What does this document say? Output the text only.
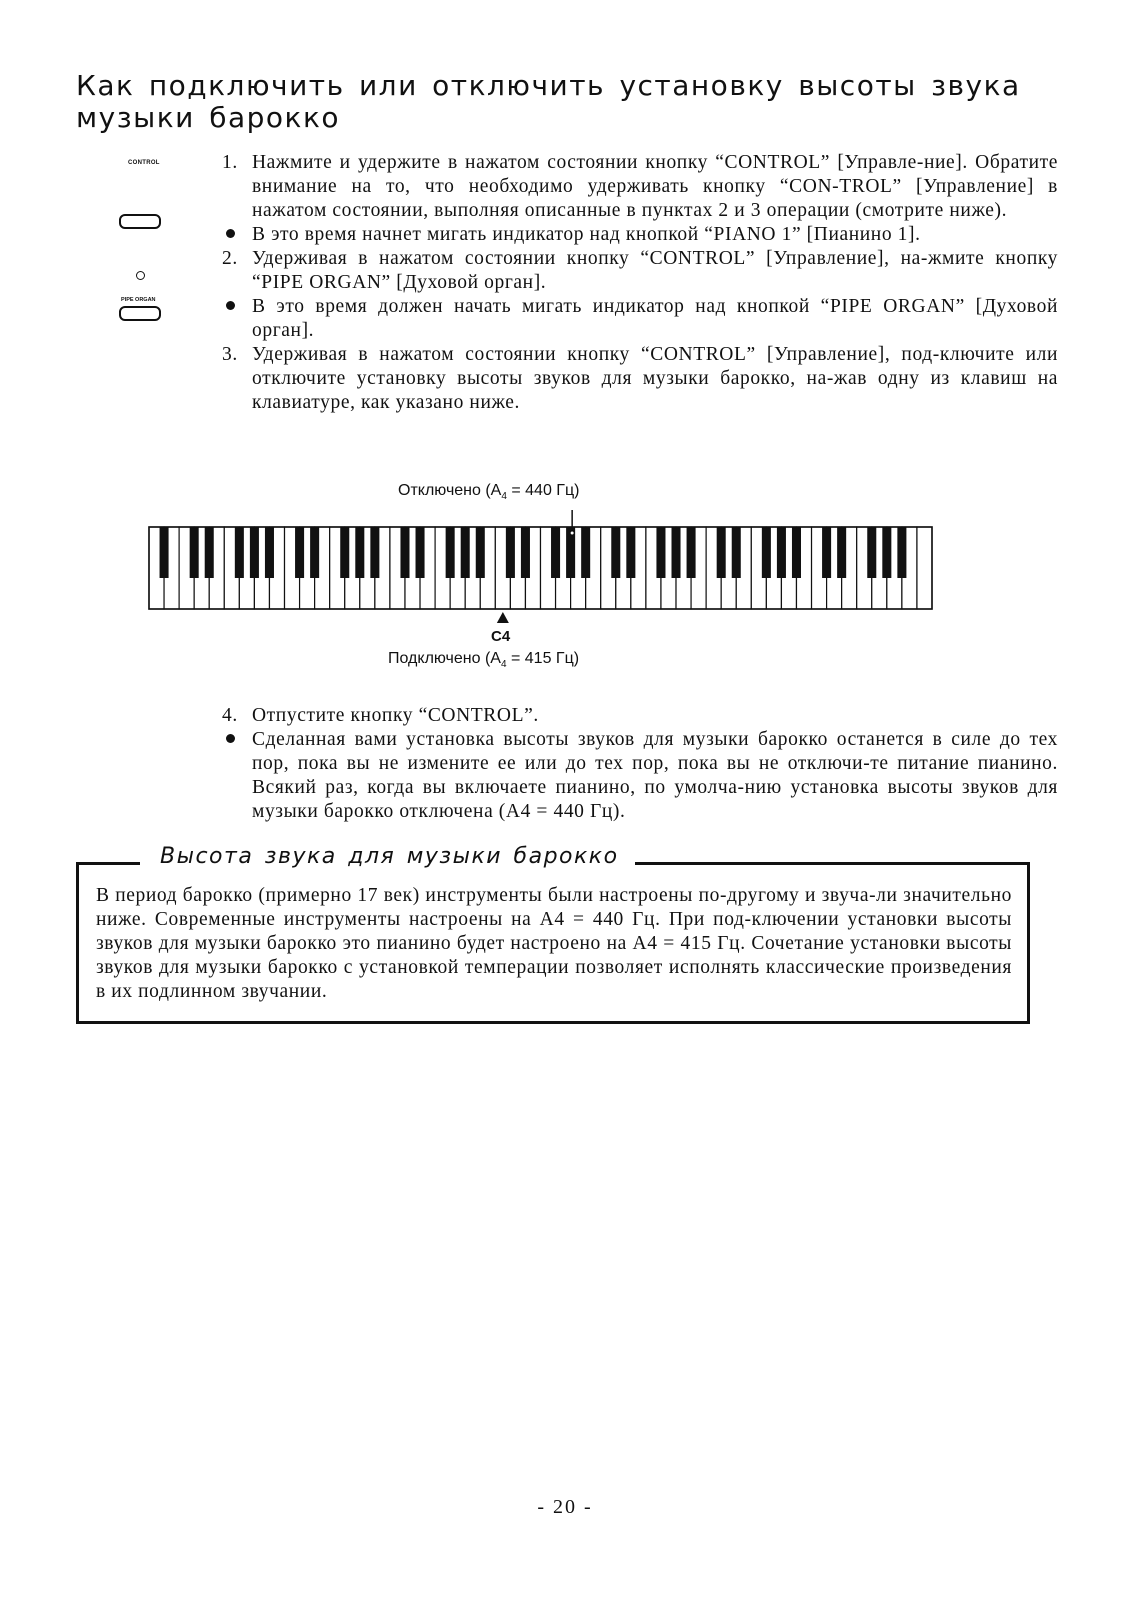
Как подключить или отключить установку высоты звука музыки барокко
CONTROL
PIPE ORGAN
1. Нажмите и удержите в нажатом состоянии кнопку “CONTROL” [Управле-ние]. Обратите внимание на то, что необходимо удерживать кнопку “CON-TROL” [Управление] в нажатом состоянии, выполняя описанные в пунктах 2 и 3 операции (смотрите ниже).
В это время начнет мигать индикатор над кнопкой “PIANO 1” [Пианино 1].
2. Удерживая в нажатом состоянии кнопку “CONTROL” [Управление], на-жмите кнопку “PIPE ORGAN” [Духовой орган].
В это время должен начать мигать индикатор над кнопкой “PIPE ORGAN” [Духовой орган].
3. Удерживая в нажатом состоянии кнопку “CONTROL” [Управление], под-ключите или отключите установку высоты звуков для музыки барокко, на-жав одну из клавиш на клавиатуре, как указано ниже.
Отключено ($A_4 = 440$ Гц)
C4
Подключено ($A_4 = 415$ Гц)
4. Отпустите кнопку “CONTROL”.
Сделанная вами установка высоты звуков для музыки барокко останется в силе до тех пор, пока вы не измените ее или до тех пор, пока вы не отключи-те питание пианино. Всякий раз, когда вы включаете пианино, по умолча-нию установка высоты звуков для музыки барокко отключена (A4 = 440 Гц).
Высота звука для музыки барокко
В период барокко (примерно 17 век) инструменты были настроены по-другому и звуча-ли значительно ниже. Современные инструменты настроены на A4 = 440 Гц. При под-ключении установки высоты звуков для музыки барокко это пианино будет настроено на A4 = 415 Гц. Сочетание установки высоты звуков для музыки барокко с установкой темперации позволяет исполнять классические произведения в их подлинном звучании.
- 20 -
